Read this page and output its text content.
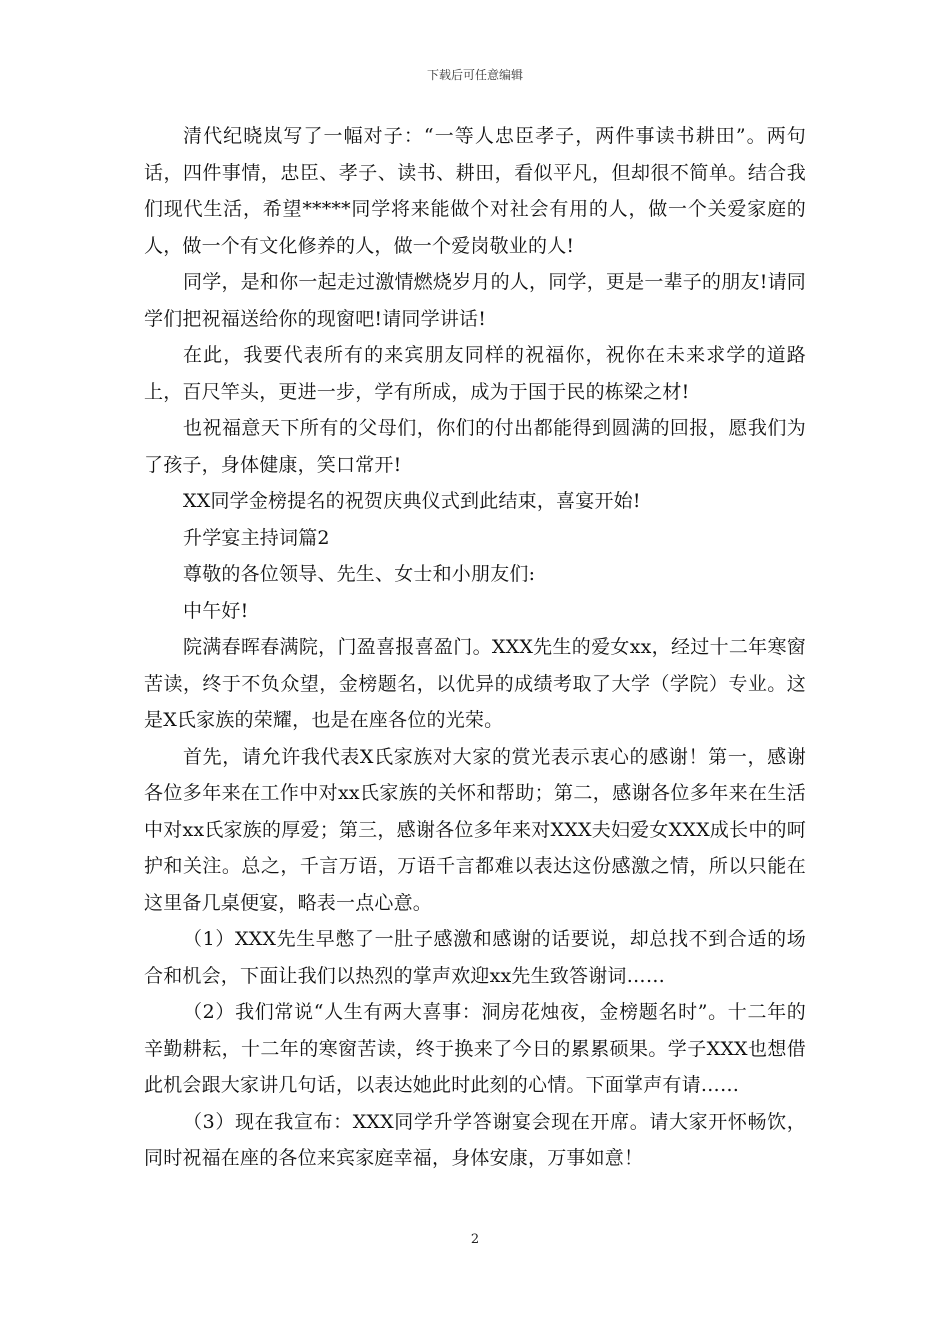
下载后可任意编辑

清代纪晓岚写了一幅对子：“一等人忠臣孝子，两件事读书耕田”。两句话，四件事情，忠臣、孝子、读书、耕田，看似平凡，但却很不简单。结合我们现代生活，希望*****同学将来能做个对社会有用的人，做一个关爱家庭的人，做一个有文化修养的人，做一个爱岗敬业的人!

同学，是和你一起走过激情燃烧岁月的人，同学，更是一辈子的朋友!请同学们把祝福送给你的现窗吧!请同学讲话!

在此，我要代表所有的来宾朋友同样的祝福你，祝你在未来求学的道路上，百尺竿头，更进一步，学有所成，成为于国于民的栋梁之材!

也祝福意天下所有的父母们，你们的付出都能得到圆满的回报，愿我们为了孩子，身体健康，笑口常开!

XX同学金榜提名的祝贺庆典仪式到此结束，喜宴开始!

升学宴主持词篇2

尊敬的各位领导、先生、女士和小朋友们:

中午好!

院满春晖春满院，门盈喜报喜盈门。XXX先生的爱女xx，经过十二年寒窗苦读，终于不负众望，金榜题名，以优异的成绩考取了大学（学院）专业。这是X氏家族的荣耀，也是在座各位的光荣。

首先，请允许我代表X氏家族对大家的赏光表示衷心的感谢！第一，感谢各位多年来在工作中对xx氏家族的关怀和帮助；第二，感谢各位多年来在生活中对xx氏家族的厚爱；第三，感谢各位多年来对XXX夫妇爱女XXX成长中的呵护和关注。总之，千言万语，万语千言都难以表达这份感激之情，所以只能在这里备几桌便宴，略表一点心意。

（1）XXX先生早憋了一肚子感激和感谢的话要说，却总找不到合适的场合和机会，下面让我们以热烈的掌声欢迎xx先生致答谢词……

（2）我们常说“人生有两大喜事：洞房花烛夜，金榜题名时”。十二年的辛勤耕耘，十二年的寒窗苦读，终于换来了今日的累累硕果。学子XXX也想借此机会跟大家讲几句话，以表达她此时此刻的心情。下面掌声有请……

（3）现在我宣布：XXX同学升学答谢宴会现在开席。请大家开怀畅饮，同时祝福在座的各位来宾家庭幸福，身体安康，万事如意！

2
